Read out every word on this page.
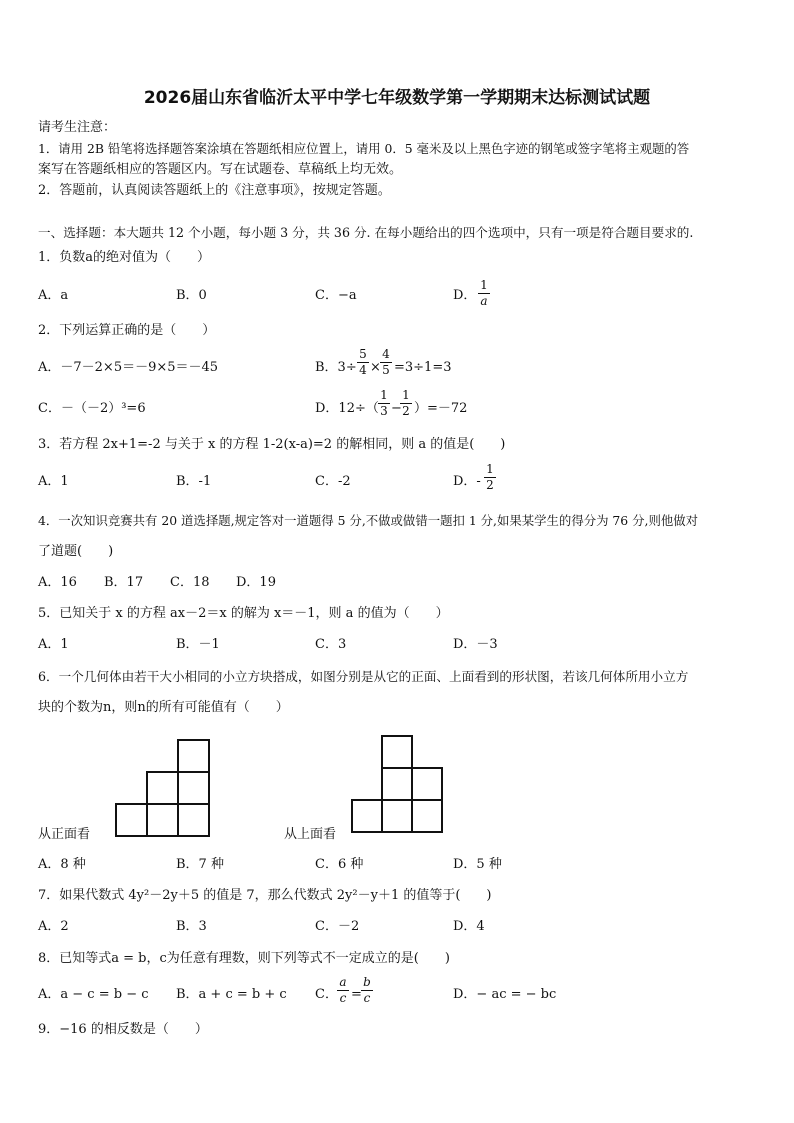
2026届山东省临沂太平中学七年级数学第一学期期末达标测试试题
请考生注意：
1．请用 2B 铅笔将选择题答案涂填在答题纸相应位置上，请用 0．5 毫米及以上黑色字迹的钢笔或签字笔将主观题的答
案写在答题纸相应的答题区内。写在试题卷、草稿纸上均无效。
2．答题前，认真阅读答题纸上的《注意事项》，按规定答题。
一、选择题：本大题共 12 个小题，每小题 3 分，共 36 分. 在每小题给出的四个选项中，只有一项是符合题目要求的.
1．负数a的绝对值为（　　）
A．a	B．0	C．−a	D．
1
a
2．下列运算正确的是（　　）
A．－7－2×5＝－9×5＝－45	B．3÷
5
4 ×
4
5 =3÷1=3
C．－（－2）³=6	D．12÷（
1
3 −
1
2 ）=－72
3．若方程 2x+1=-2 与关于 x 的方程 1-2(x-a)=2 的解相同，则 a 的值是(　　)
A．1	B．-1	C．-2	D．-
1
2
4．一次知识竞赛共有 20 道选择题,规定答对一道题得 5 分,不做或做错一题扣 1 分,如果某学生的得分为 76 分,则他做对
了道题(　　)
A．16 B．17 C．18 D．19
5．已知关于 x 的方程 ax－2＝x 的解为 x＝－1，则 a 的值为（　　）
A．1	B．－1	C．3	D．－3
6．一个几何体由若干大小相同的小立方块搭成，如图分别是从它的正面、上面看到的形状图，若该几何体所用小立方
块的个数为n，则n的所有可能值有（　　）
从正面看	从上面看
A．8 种	B．7 种	C．6 种	D．5 种
7．如果代数式 4y²－2y＋5 的值是 7，那么代数式 2y²－y＋1 的值等于(　　)
A．2	B．3	C．－2	D．4
8．已知等式a = b，c为任意有理数，则下列等式不一定成立的是(　　)
A．a − c = b − c B．a + c = b + c C．
a
c =
b
c	D．− ac = − bc
9．−16 的相反数是（　　）
